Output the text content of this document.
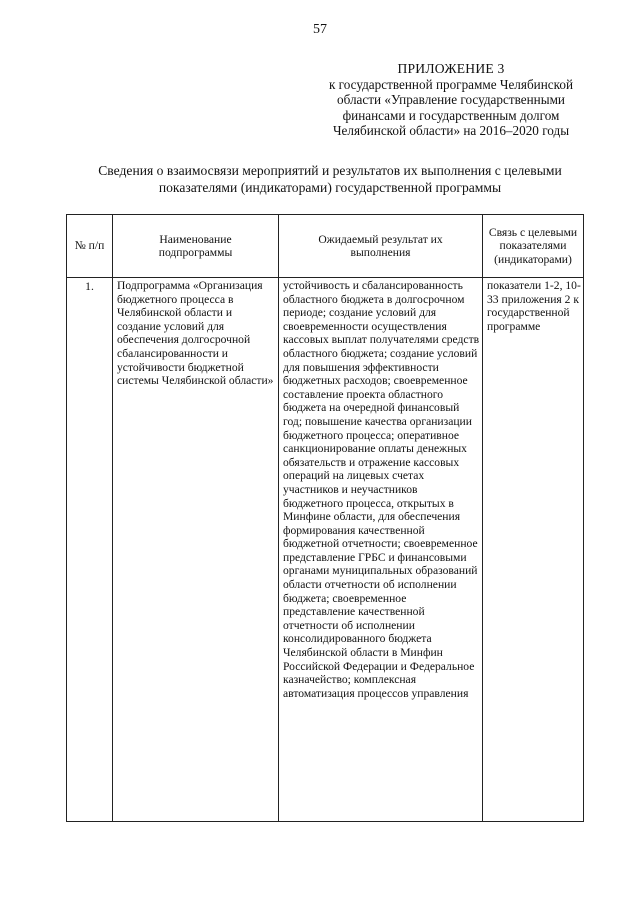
57
ПРИЛОЖЕНИЕ 3
к государственной программе Челябинской
области «Управление государственными
финансами и государственным долгом
Челябинской области» на 2016–2020 годы
Сведения о взаимосвязи мероприятий и результатов их выполнения с целевыми показателями (индикаторами) государственной программы
№ п/п	Наименование подпрограммы	Ожидаемый результат их выполнения	Связь с целевыми показателями (индикаторами)
1.	Подпрограмма «Организация бюджетного процесса в Челябинской области и создание условий для обеспечения долгосрочной сбалансированности и устойчивости бюджетной системы Челябинской области»	устойчивость и сбалансированность областного бюджета в долгосрочном периоде; создание условий для своевременности осуществления кассовых выплат получателями средств областного бюджета; создание условий для повышения эффективности бюджетных расходов; своевременное составление проекта областного бюджета на очередной финансовый год; повышение качества организации бюджетного процесса; оперативное санкционирование оплаты денежных обязательств и отражение кассовых операций на лицевых счетах участников и неучастников бюджетного процесса, открытых в Минфине области, для обеспечения формирования качественной бюджетной отчетности; своевременное представление ГРБС и финансовыми органами муниципальных образований области отчетности об исполнении бюджета; своевременное представление качественной отчетности об исполнении консолидированного бюджета Челябинской области в Минфин Российской Федерации и Федеральное казначейство; комплексная автоматизация процессов управления	показатели 1-2, 10-33 приложения 2 к государственной программе
